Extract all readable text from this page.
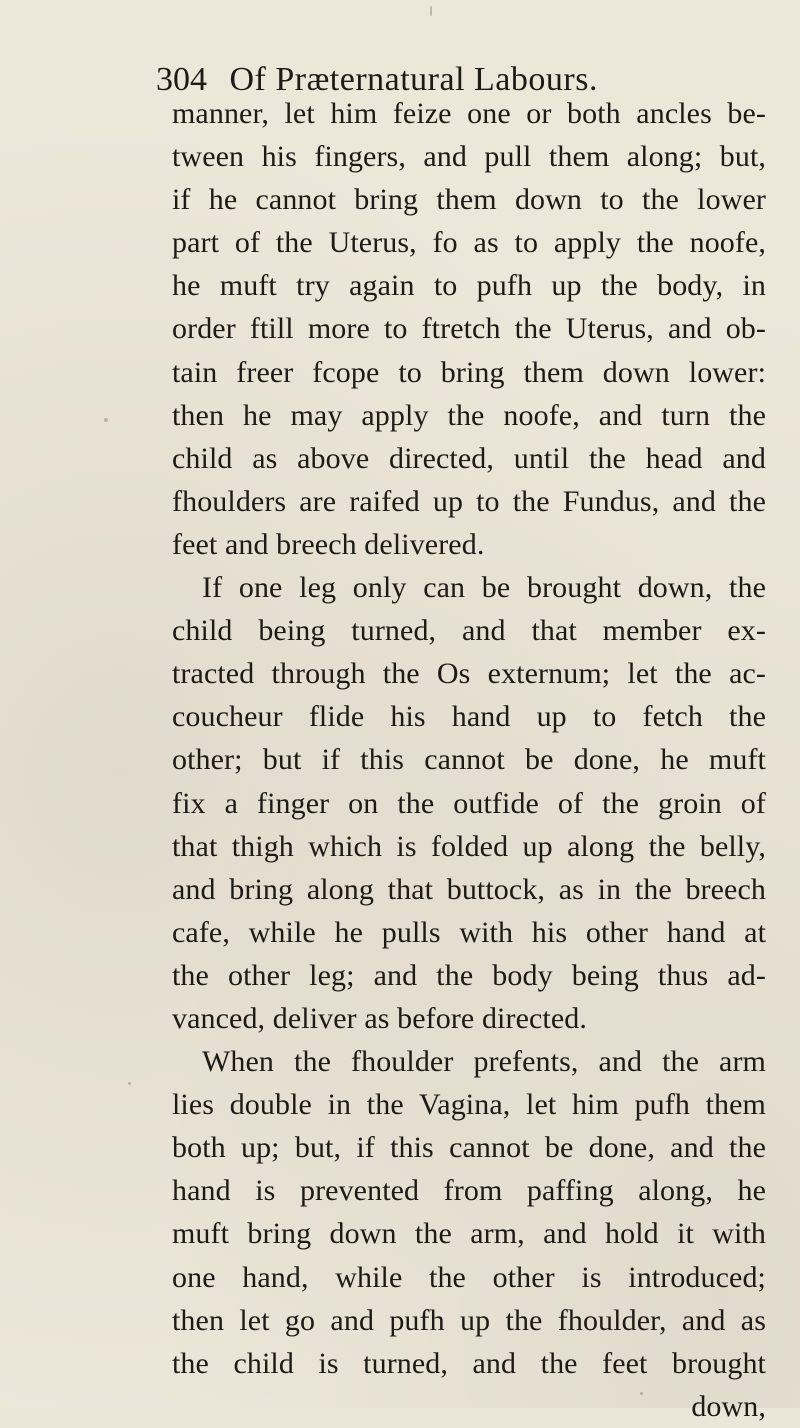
304 Of Præternatural Labours.
manner, let him feize one or both ancles be-
tween his fingers, and pull them along; but,
if he cannot bring them down to the lower
part of the Uterus, fo as to apply the noofe,
he muft try again to pufh up the body, in
order ftill more to ftretch the Uterus, and ob-
tain freer fcope to bring them down lower:
then he may apply the noofe, and turn the
child as above directed, until the head and
fhoulders are raifed up to the Fundus, and the
feet and breech delivered.
If one leg only can be brought down, the
child being turned, and that member ex-
tracted through the Os externum; let the ac-
coucheur flide his hand up to fetch the
other; but if this cannot be done, he muft
fix a finger on the outfide of the groin of
that thigh which is folded up along the belly,
and bring along that buttock, as in the breech
cafe, while he pulls with his other hand at
the other leg; and the body being thus ad-
vanced, deliver as before directed.
When the fhoulder prefents, and the arm
lies double in the Vagina, let him pufh them
both up; but, if this cannot be done, and the
hand is prevented from paffing along, he
muft bring down the arm, and hold it with
one hand, while the other is introduced;
then let go and pufh up the fhoulder, and as
the child is turned, and the feet brought
down,
